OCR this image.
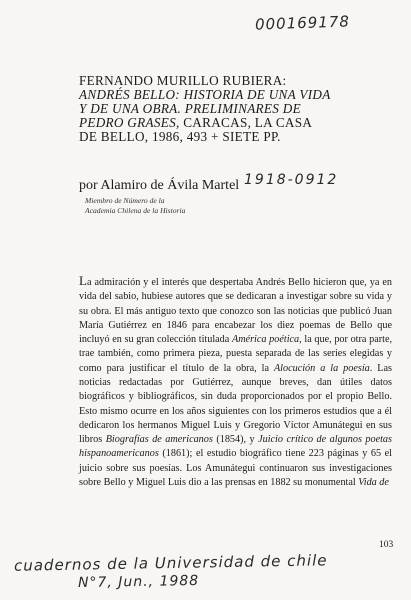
000169178
FERNANDO MURILLO RUBIERA:
ANDRÉS BELLO: HISTORIA DE UNA VIDA
Y DE UNA OBRA. PRELIMINARES DE
PEDRO GRASES, CARACAS, LA CASA
DE BELLO, 1986, 493 + SIETE PP.
por Alamiro de Ávila Martel 1918-0912
Miembro de Número de la
Academia Chilena de la Historia

La admiración y el interés que despertaba Andrés Bello hicieron que, ya en vida del sabio, hubiese autores que se dedicaran a investigar sobre su vida y su obra. El más antiguo texto que conozco son las noticias que publicó Juan María Gutiérrez en 1846 para encabezar los diez poemas de Bello que incluyó en su gran colección titulada América poética, la que, por otra parte, trae también, como primera pieza, puesta separada de las series elegidas y como para justificar el título de la obra, la Alocución a la poesía. Las noticias redactadas por Gutiérrez, aunque breves, dan útiles datos biográficos y bibliográficos, sin duda proporcionados por el propio Bello. Esto mismo ocurre en los años siguientes con los primeros estudios que a él dedicaron los hermanos Miguel Luis y Gregorio Víctor Amunátegui en sus libros Biografías de americanos (1854), y Juicio crítico de algunos poetas hispanoamericanos (1861); el estudio biográfico tiene 223 páginas y 65 el juicio sobre sus poesías. Los Amunátegui continuaron sus investigaciones sobre Bello y Miguel Luis dio a las prensas en 1882 su monumental Vida de

103
cuadernos de la Universidad de chile
N°7, Jun., 1988
